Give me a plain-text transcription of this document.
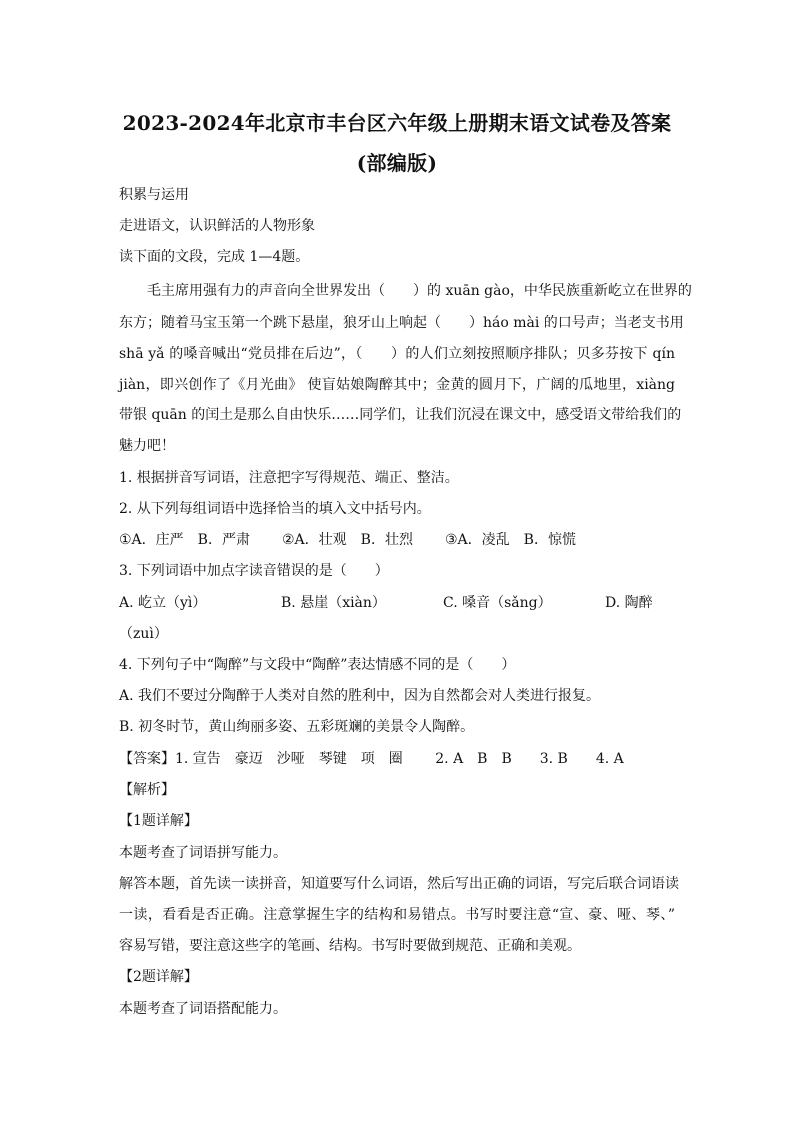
2023-2024年北京市丰台区六年级上册期末语文试卷及答案
(部编版)
积累与运用
走进语文，认识鲜活的人物形象
读下面的文段，完成 1—4题。
毛主席用强有力的声音向全世界发出（　　）的 xuān gào，中华民族重新屹立在世界的
东方；随着马宝玉第一个跳下悬崖，狼牙山上响起（　　）háo mài 的口号声；当老支书用
shā yǎ 的嗓音喊出“党员排在后边”，（　　）的人们立刻按照顺序排队；贝多芬按下 qín
jiàn，即兴创作了《月光曲》 使盲姑娘陶醉其中；金黄的圆月下，广阔的瓜地里，xiàng
带银 quān 的闰土是那么自由快乐……同学们，让我们沉浸在课文中，感受语文带给我们的
魅力吧！
1. 根据拼音写词语，注意把字写得规范、端正、整洁。
2. 从下列每组词语中选择恰当的填入文中括号内。
①A．庄严　B．严肃 ②A．壮观　B．壮烈 ③A．凌乱　B．惊慌
3. 下列词语中加点字读音错误的是（　　）
A. 屹立（yì）	B. 悬崖（xiàn）	C. 嗓音（sǎng）	D. 陶醉
（zuì）
4. 下列句子中“陶醉”与文段中“陶醉”表达情感不同的是（　　）
A. 我们不要过分陶醉于人类对自然的胜利中，因为自然都会对人类进行报复。
B. 初冬时节，黄山绚丽多姿、五彩斑斓的美景令人陶醉。
【答案】1. 宣告　豪迈　沙哑　琴键　项　圈　　 2. A　B　B　　3. B　　4. A
【解析】
【1题详解】
本题考查了词语拼写能力。
解答本题，首先读一读拼音，知道要写什么词语，然后写出正确的词语，写完后联合词语读
一读，看看是否正确。注意掌握生字的结构和易错点。书写时要注意“宣、豪、哑、琴、”
容易写错，要注意这些字的笔画、结构。书写时要做到规范、正确和美观。
【2题详解】
本题考查了词语搭配能力。
